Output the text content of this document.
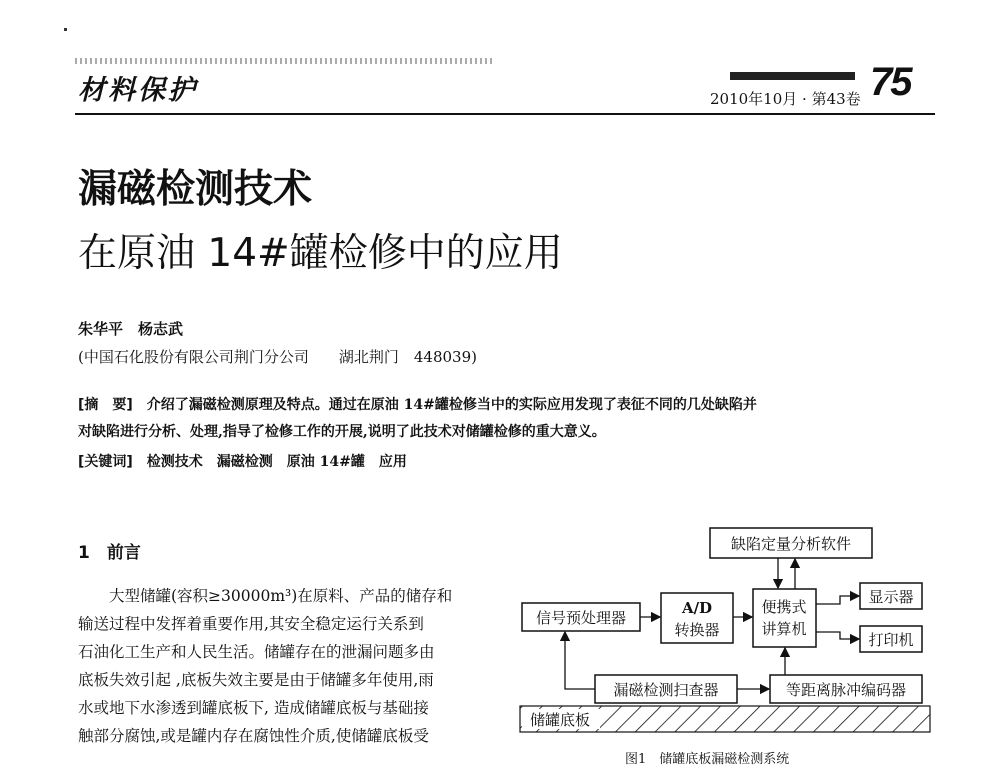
材料保护	2010年10月 · 第43卷 75
漏磁检测技术
在原油 14#罐检修中的应用
朱华平　杨志武
(中国石化股份有限公司荆门分公司　　湖北荆门　448039)
[摘　要] 介绍了漏磁检测原理及特点。通过在原油 14#罐检修当中的实际应用发现了表征不同的几处缺陷并
对缺陷进行分析、处理,指导了检修工作的开展,说明了此技术对储罐检修的重大意义。
[关键词] 检测技术　漏磁检测　原油 14#罐　应用
1　 前言
　　大型储罐(容积≥30000m³)在原料、产品的储存和
输送过程中发挥着重要作用,其安全稳定运行关系到
石油化工生产和人民生活。储罐存在的泄漏问题多由
底板失效引起 ,底板失效主要是由于储罐多年使用,雨
水或地下水渗透到罐底板下, 造成储罐底板与基础接
触部分腐蚀,或是罐内存在腐蚀性介质,使储罐底板受
缺陷定量分析软件
信号预处理器
A/D
转换器
便携式
讲算机
显示器
打印机
漏磁检测扫查器	等距离脉冲编码器
储罐底板
图1　储罐底板漏磁检测系统
